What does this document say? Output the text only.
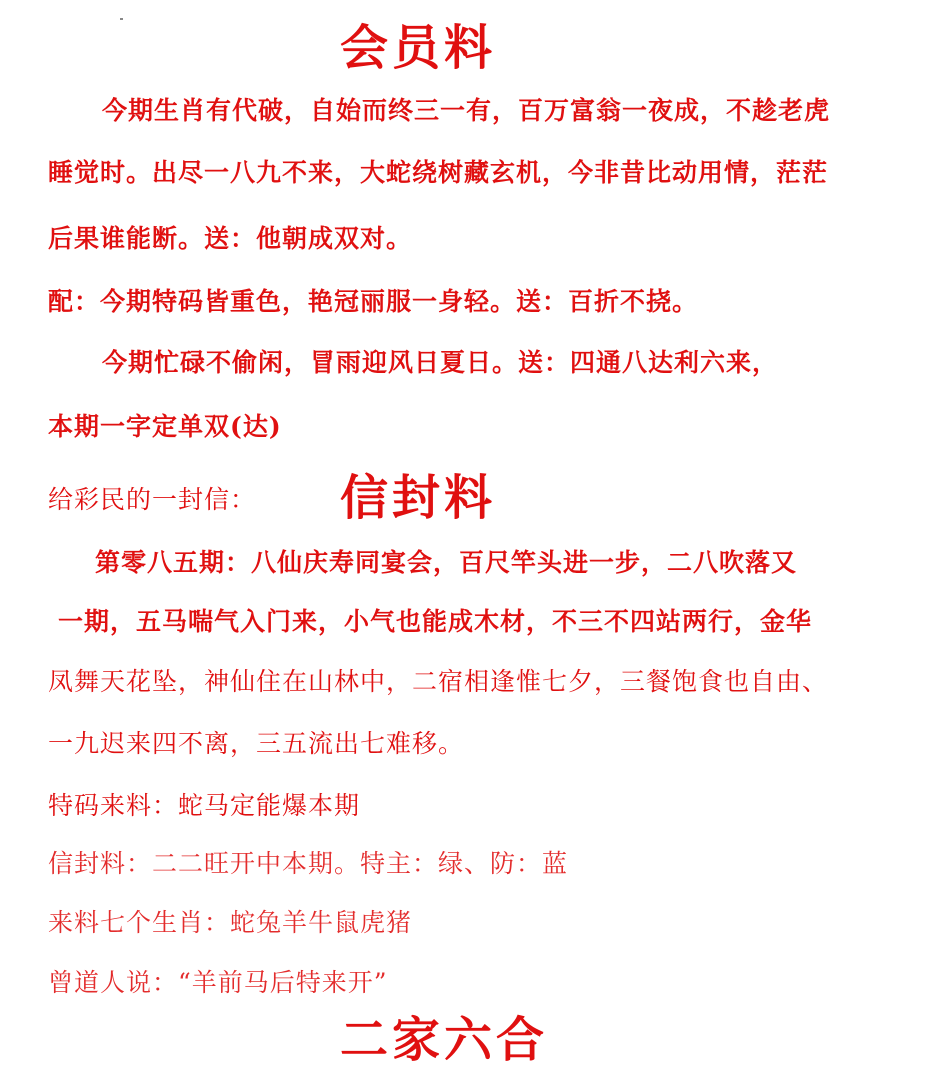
会员料
今期生肖有代破，自始而终三一有，百万富翁一夜成，不趁老虎
睡觉时。出尽一八九不来，大蛇绕树藏玄机，今非昔比动用情，茫茫
后果谁能断。送：他朝成双对。
配：今期特码皆重色，艳冠丽服一身轻。送：百折不挠。
今期忙碌不偷闲，冒雨迎风日夏日。送：四通八达利六来，
本期一字定单双(达)
给彩民的一封信： 信封料
第零八五期：八仙庆寿同宴会，百尺竿头进一步，二八吹落又
一期，五马喘气入门来，小气也能成木材，不三不四站两行，金华
凤舞天花坠，神仙住在山林中，二宿相逢惟七夕，三餐饱食也自由、
一九迟来四不离，三五流出七难移。
特码来料：蛇马定能爆本期
信封料：二二旺开中本期。特主：绿、防：蓝
来料七个生肖：蛇兔羊牛鼠虎猪
曾道人说：“羊前马后特来开”
二家六合
